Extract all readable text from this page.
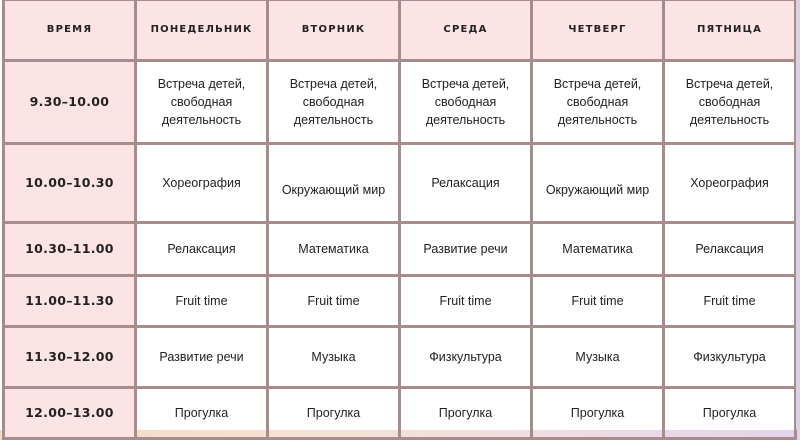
ВРЕМЯ	ПОНЕДЕЛЬНИК	ВТОРНИК	СРЕДА	ЧЕТВЕРГ	ПЯТНИЦА
9.30–10.00	Встреча детей, свободная деятельность	Встреча детей, свободная деятельность	Встреча детей, свободная деятельность	Встреча детей, свободная деятельность	Встреча детей, свободная деятельность
10.00–10.30	Хореография	Окружающий мир	Релаксация	Окружающий мир	Хореография
10.30–11.00	Релаксация	Математика	Развитие речи	Математика	Релаксация
11.00–11.30	Fruit time	Fruit time	Fruit time	Fruit time	Fruit time
11.30–12.00	Развитие речи	Музыка	Физкультура	Музыка	Физкультура
12.00–13.00	Прогулка	Прогулка	Прогулка	Прогулка	Прогулка
